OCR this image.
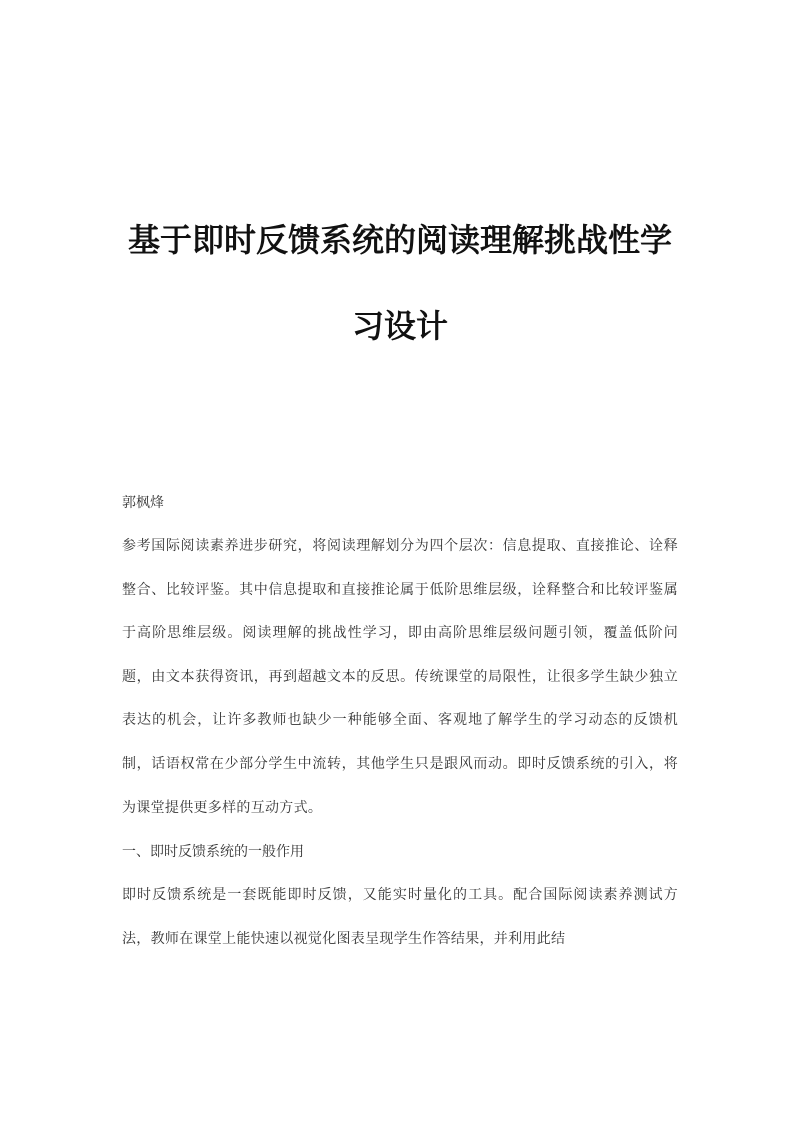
基于即时反馈系统的阅读理解挑战性学
习设计

郭枫烽

参考国际阅读素养进步研究，将阅读理解划分为四个层次：信息提取、直接推论、诠释整合、比较评鉴。其中信息提取和直接推论属于低阶思维层级，诠释整合和比较评鉴属于高阶思维层级。阅读理解的挑战性学习，即由高阶思维层级问题引领，覆盖低阶问题，由文本获得资讯，再到超越文本的反思。传统课堂的局限性，让很多学生缺少独立表达的机会，让许多教师也缺少一种能够全面、客观地了解学生的学习动态的反馈机制，话语权常在少部分学生中流转，其他学生只是跟风而动。即时反馈系统的引入，将为课堂提供更多样的互动方式。

一、即时反馈系统的一般作用

即时反馈系统是一套既能即时反馈，又能实时量化的工具。配合国际阅读素养测试方法，教师在课堂上能快速以视觉化图表呈现学生作答结果，并利用此结
